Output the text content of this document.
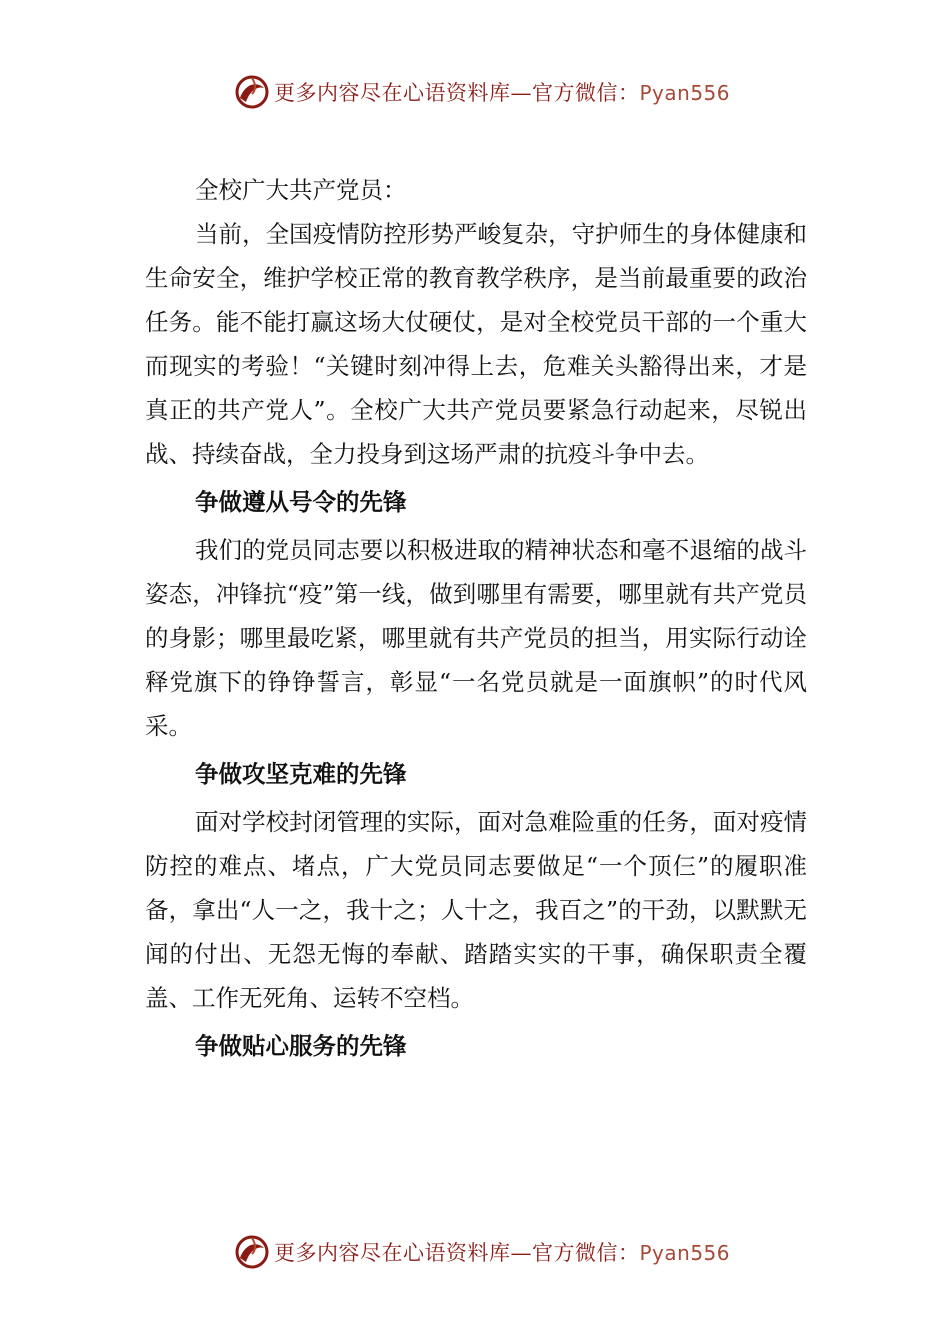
更多内容尽在心语资料库—官方微信：Pyan556

全校广大共产党员：

当前，全国疫情防控形势严峻复杂，守护师生的身体健康和生命安全，维护学校正常的教育教学秩序，是当前最重要的政治任务。能不能打赢这场大仗硬仗，是对全校党员干部的一个重大而现实的考验！“关键时刻冲得上去，危难关头豁得出来，才是真正的共产党人”。全校广大共产党员要紧急行动起来，尽锐出战、持续奋战，全力投身到这场严肃的抗疫斗争中去。

争做遵从号令的先锋

我们的党员同志要以积极进取的精神状态和毫不退缩的战斗姿态，冲锋抗“疫”第一线，做到哪里有需要，哪里就有共产党员的身影；哪里最吃紧，哪里就有共产党员的担当，用实际行动诠释党旗下的铮铮誓言，彰显“一名党员就是一面旗帜”的时代风采。

争做攻坚克难的先锋

面对学校封闭管理的实际，面对急难险重的任务，面对疫情防控的难点、堵点，广大党员同志要做足“一个顶仨”的履职准备，拿出“人一之，我十之；人十之，我百之”的干劲，以默默无闻的付出、无怨无悔的奉献、踏踏实实的干事，确保职责全覆盖、工作无死角、运转不空档。

争做贴心服务的先锋

更多内容尽在心语资料库—官方微信：Pyan556
